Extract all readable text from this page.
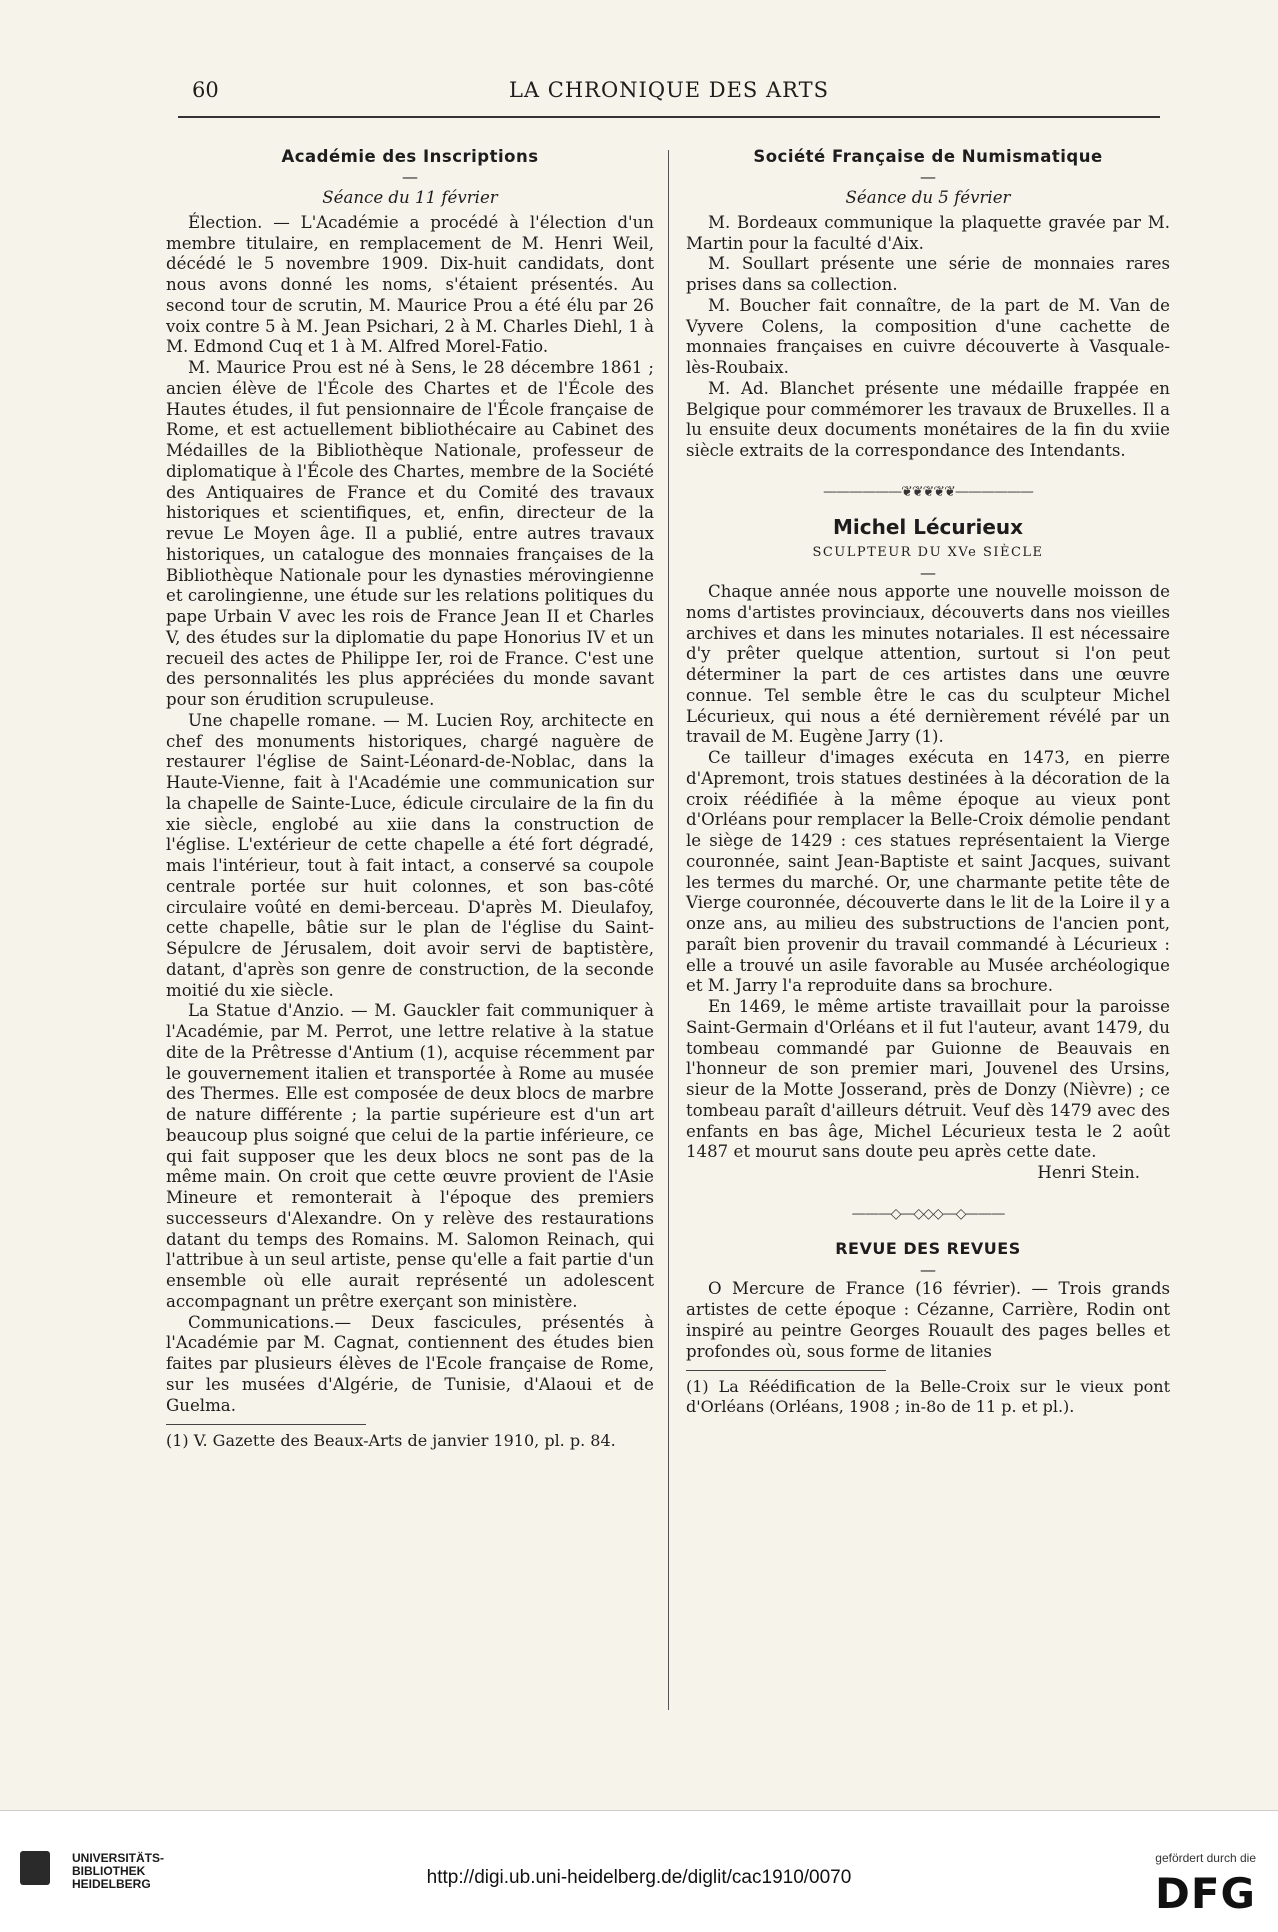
60	LA CHRONIQUE DES ARTS
Académie des Inscriptions
—
Séance du 11 février

Élection. — L'Académie a procédé à l'élection d'un membre titulaire, en remplacement de M. Henri Weil, décédé le 5 novembre 1909. Dix-huit candidats, dont nous avons donné les noms, s'étaient présentés. Au second tour de scrutin, M. Maurice Prou a été élu par 26 voix contre 5 à M. Jean Psichari, 2 à M. Charles Diehl, 1 à M. Edmond Cuq et 1 à M. Alfred Morel-Fatio.

M. Maurice Prou est né à Sens, le 28 décembre 1861 ; ancien élève de l'École des Chartes et de l'École des Hautes études, il fut pensionnaire de l'École française de Rome, et est actuellement bibliothécaire au Cabinet des Médailles de la Bibliothèque Nationale, professeur de diplomatique à l'École des Chartes, membre de la Société des Antiquaires de France et du Comité des travaux historiques et scientifiques, et, enfin, directeur de la revue Le Moyen âge. Il a publié, entre autres travaux historiques, un catalogue des monnaies françaises de la Bibliothèque Nationale pour les dynasties mérovingienne et carolingienne, une étude sur les relations politiques du pape Urbain V avec les rois de France Jean II et Charles V, des études sur la diplomatie du pape Honorius IV et un recueil des actes de Philippe Ier, roi de France. C'est une des personnalités les plus appréciées du monde savant pour son érudition scrupuleuse.

Une chapelle romane. — M. Lucien Roy, architecte en chef des monuments historiques, chargé naguère de restaurer l'église de Saint-Léonard-de-Noblac, dans la Haute-Vienne, fait à l'Académie une communication sur la chapelle de Sainte-Luce, édicule circulaire de la fin du xie siècle, englobé au xiie dans la construction de l'église. L'extérieur de cette chapelle a été fort dégradé, mais l'intérieur, tout à fait intact, a conservé sa coupole centrale portée sur huit colonnes, et son bas-côté circulaire voûté en demi-berceau. D'après M. Dieulafoy, cette chapelle, bâtie sur le plan de l'église du Saint-Sépulcre de Jérusalem, doit avoir servi de baptistère, datant, d'après son genre de construction, de la seconde moitié du xie siècle.

La Statue d'Anzio. — M. Gauckler fait communiquer à l'Académie, par M. Perrot, une lettre relative à la statue dite de la Prêtresse d'Antium (1), acquise récemment par le gouvernement italien et transportée à Rome au musée des Thermes. Elle est composée de deux blocs de marbre de nature différente ; la partie supérieure est d'un art beaucoup plus soigné que celui de la partie inférieure, ce qui fait supposer que les deux blocs ne sont pas de la même main. On croit que cette œuvre provient de l'Asie Mineure et remonterait à l'époque des premiers successeurs d'Alexandre. On y relève des restaurations datant du temps des Romains. M. Salomon Reinach, qui l'attribue à un seul artiste, pense qu'elle a fait partie d'un ensemble où elle aurait représenté un adolescent accompagnant un prêtre exerçant son ministère.

Communications.— Deux fascicules, présentés à l'Académie par M. Cagnat, contiennent des études bien faites par plusieurs élèves de l'Ecole française de Rome, sur les musées d'Algérie, de Tunisie, d'Alaoui et de Guelma.

(1) V. Gazette des Beaux-Arts de janvier 1910, pl. p. 84.

Société Française de Numismatique
—
Séance du 5 février

M. Bordeaux communique la plaquette gravée par M. Martin pour la faculté d'Aix.

M. Soullart présente une série de monnaies rares prises dans sa collection.

M. Boucher fait connaître, de la part de M. Van de Vyvere Colens, la composition d'une cachette de monnaies françaises en cuivre découverte à Vasquale-lès-Roubaix.

M. Ad. Blanchet présente une médaille frappée en Belgique pour commémorer les travaux de Bruxelles. Il a lu ensuite deux documents monétaires de la fin du xviie siècle extraits de la correspondance des Intendants.

——————❦❦❦❦❦——————
Michel Lécurieux
SCULPTEUR DU XVe SIÈCLE
—

Chaque année nous apporte une nouvelle moisson de noms d'artistes provinciaux, découverts dans nos vieilles archives et dans les minutes notariales. Il est nécessaire d'y prêter quelque attention, surtout si l'on peut déterminer la part de ces artistes dans une œuvre connue. Tel semble être le cas du sculpteur Michel Lécurieux, qui nous a été dernièrement révélé par un travail de M. Eugène Jarry (1).

Ce tailleur d'images exécuta en 1473, en pierre d'Apremont, trois statues destinées à la décoration de la croix réédifiée à la même époque au vieux pont d'Orléans pour remplacer la Belle-Croix démolie pendant le siège de 1429 : ces statues représentaient la Vierge couronnée, saint Jean-Baptiste et saint Jacques, suivant les termes du marché. Or, une charmante petite tête de Vierge couronnée, découverte dans le lit de la Loire il y a onze ans, au milieu des substructions de l'ancien pont, paraît bien provenir du travail commandé à Lécurieux : elle a trouvé un asile favorable au Musée archéologique et M. Jarry l'a reproduite dans sa brochure.

En 1469, le même artiste travaillait pour la paroisse Saint-Germain d'Orléans et il fut l'auteur, avant 1479, du tombeau commandé par Guionne de Beauvais en l'honneur de son premier mari, Jouvenel des Ursins, sieur de la Motte Josserand, près de Donzy (Nièvre) ; ce tombeau paraît d'ailleurs détruit. Veuf dès 1479 avec des enfants en bas âge, Michel Lécurieux testa le 2 août 1487 et mourut sans doute peu après cette date.

Henri Stein.
———◇—◇◇◇—◇———
REVUE DES REVUES
—

O Mercure de France (16 février). — Trois grands artistes de cette époque : Cézanne, Carrière, Rodin ont inspiré au peintre Georges Rouault des pages belles et profondes où, sous forme de litanies

(1) La Réédification de la Belle-Croix sur le vieux pont d'Orléans (Orléans, 1908 ; in-8o de 11 p. et pl.).

UNIVERSITÄTS-
BIBLIOTHEK
HEIDELBERG	http://digi.ub.uni-heidelberg.de/diglit/cac1910/0070
gefördert durch die
DFG
